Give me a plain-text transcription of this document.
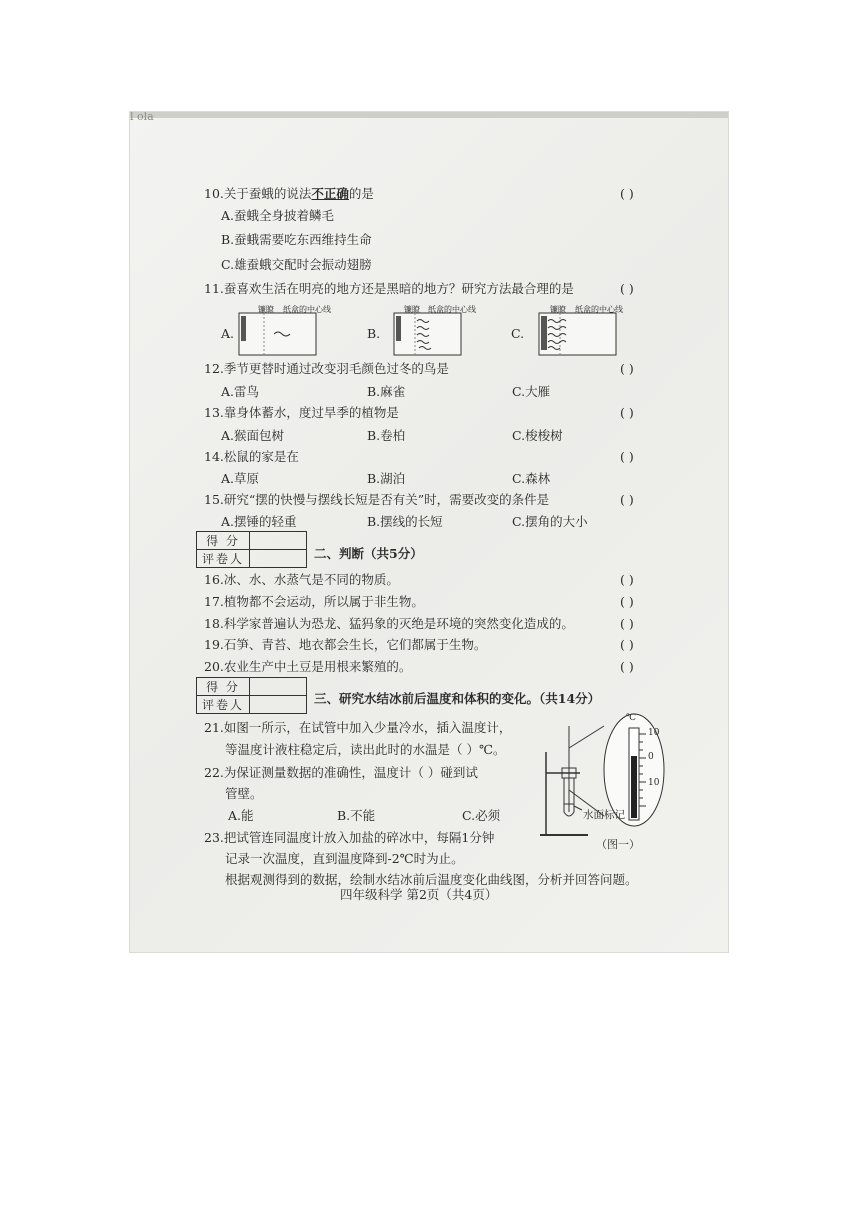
l ola
10.关于蚕蛾的说法不正确的是	( )
A.蚕蛾全身披着鳞毛
B.蚕蛾需要吃东西维持生命
C.雄蚕蛾交配时会振动翅膀
11.蚕喜欢生活在明亮的地方还是黑暗的地方？研究方法最合理的是	( )
A.	B.	C.
镰瞭 纸盒的中心线	镰瞭 纸盒的中心线	镰瞭 纸盒的中心线
12.季节更替时通过改变羽毛颜色过冬的鸟是	( )
A.雷鸟	B.麻雀	C.大雁
13.靠身体蓄水，度过旱季的植物是	( )
A.猴面包树	B.卷柏	C.梭梭树
14.松鼠的家是在	( )
A.草原	B.湖泊	C.森林
15.研究“摆的快慢与摆线长短是否有关”时，需要改变的条件是	( )
A.摆锤的轻重	B.摆线的长短	C.摆角的大小
得 分	
评卷人		二、判断（共5分）
16.冰、水、水蒸气是不同的物质。	( )
17.植物都不会运动，所以属于非生物。	( )
18.科学家普遍认为恐龙、猛犸象的灭绝是环境的突然变化造成的。	( )
19.石笋、青苔、地衣都会生长，它们都属于生物。	( )
20.农业生产中土豆是用根来繁殖的。	( )
得 分	
评卷人		三、研究水结冰前后温度和体积的变化。（共14分）
21.如图一所示，在试管中加入少量冷水，插入温度计，
等温度计液柱稳定后，读出此时的水温是（ ）℃。
22.为保证测量数据的准确性，温度计（ ）碰到试
管壁。
A.能	B.不能	C.必须
23.把试管连同温度计放入加盐的碎冰中，每隔1分钟
记录一次温度，直到温度降到-2℃时为止。
根据观测得到的数据，绘制水结冰前后温度变化曲线图，分析并回答问题。
℃
10
0
10
水面标记
（图一）
四年级科学 第2页（共4页）
